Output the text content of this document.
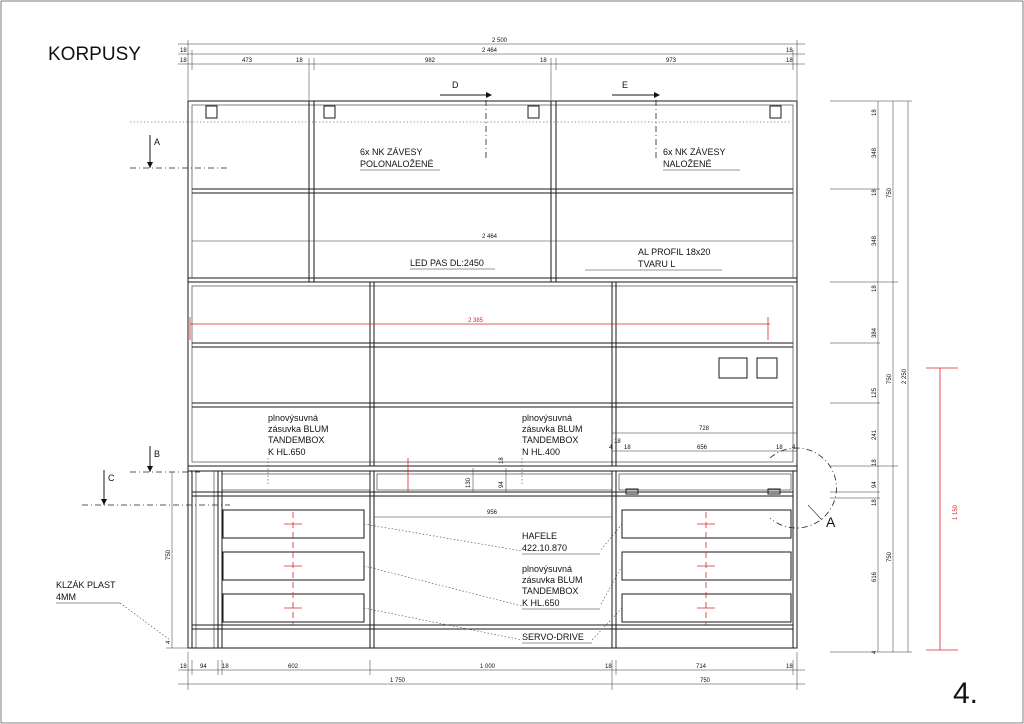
2 500
2 464
18
18
18
18
18	18
473	982	973
D	E
A
6x NK ZÁVESY
POLONALOŽENÉ
6x NK ZÁVESY
NALOŽENÉ
2 464
LED PAS DL:2450
AL PROFIL 18x20
TVARU L
2 385
plnovýsuvná
zásuvka BLUM
TANDEMBOX
K HL.650
plnovýsuvná
zásuvka BLUM
TANDEMBOX
N HL.400
728
656
18
18	18
4	4
B
C
956
130	94
18
HAFELE
422.10.870
plnovýsuvná
zásuvka BLUM
TANDEMBOX
K HL.650
SERVO-DRIVE
A
KLZÁK PLAST
4MM
750
4
1 150
18
348
18
348
18
384
125
241
18
94
18
616
4
750
750
750
2 250
18 94	18	602	1 000	18	714	18
1 750	750
KORPUSY
4.
